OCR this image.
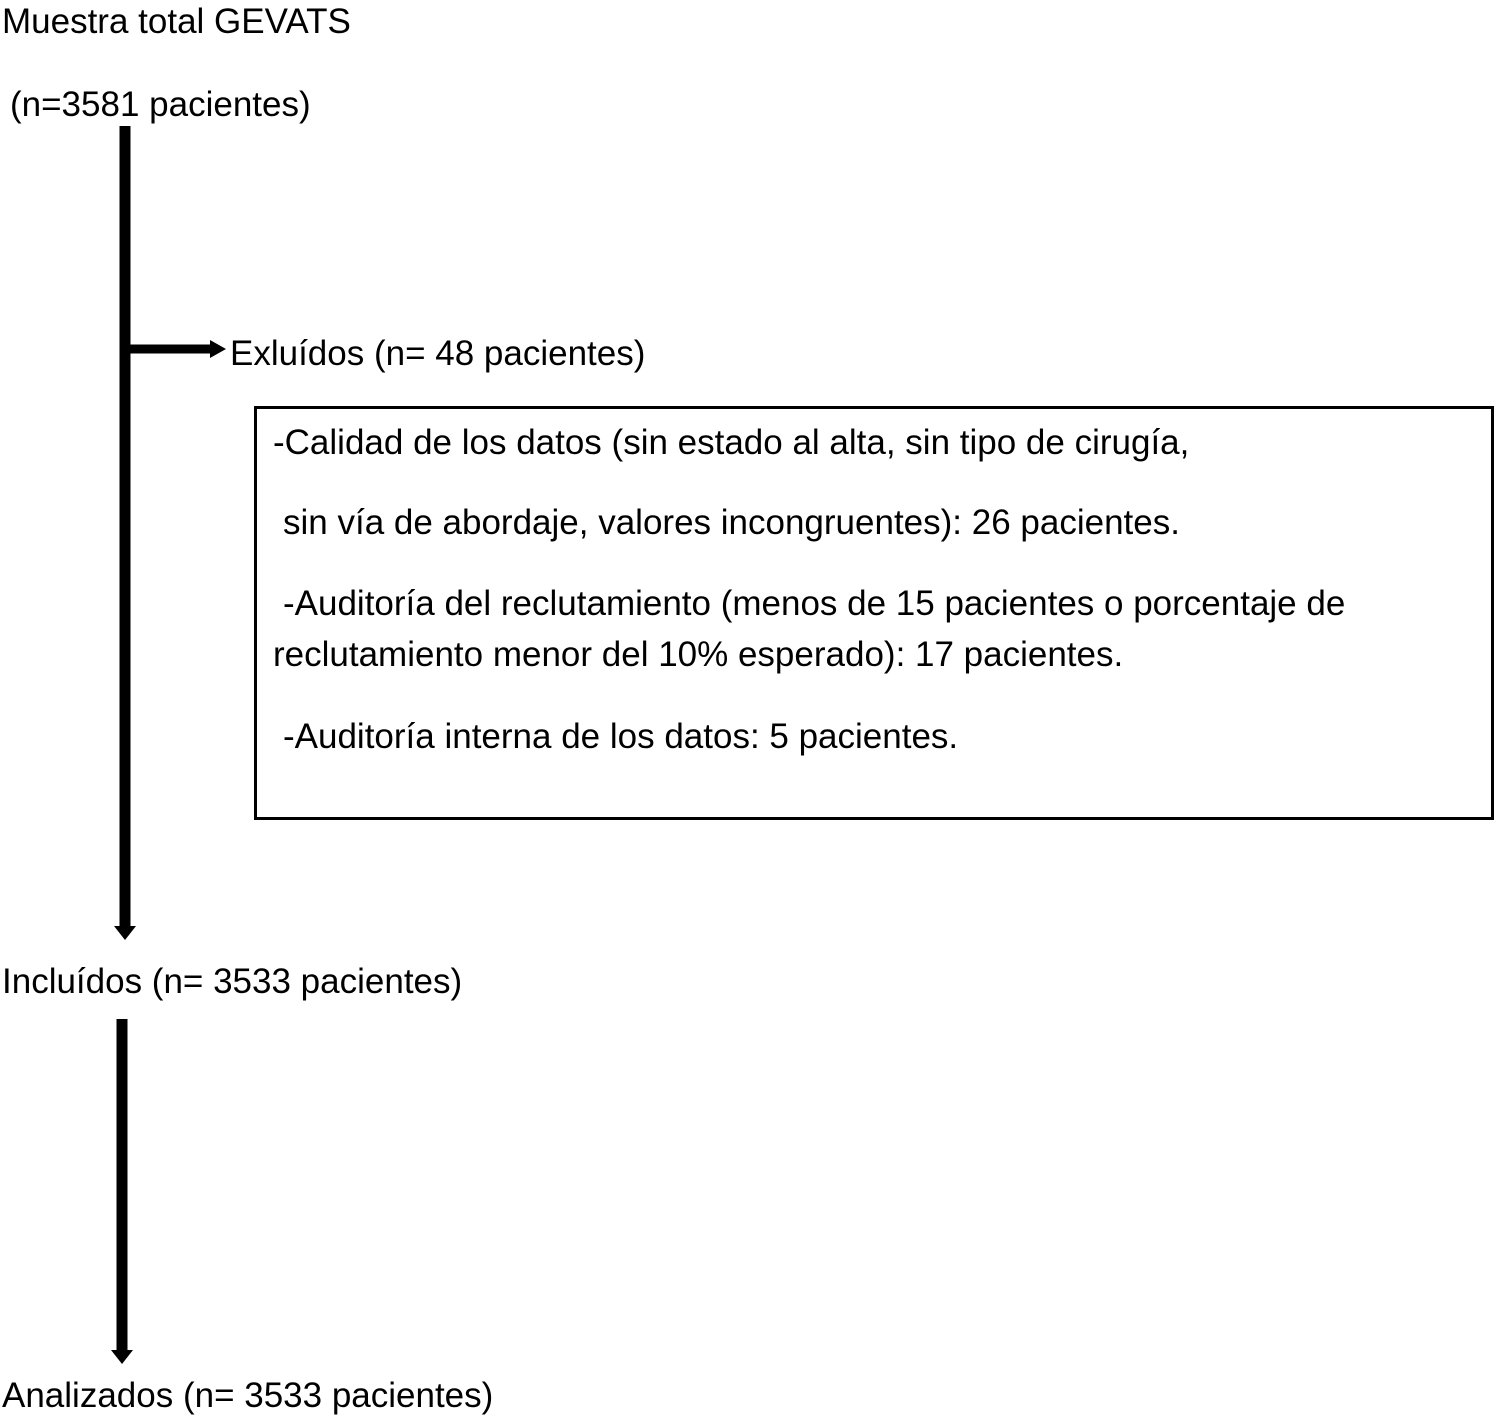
Muestra total GEVATS

(n=3581 pacientes)

Exluídos (n= 48 pacientes)

-Calidad de los datos (sin estado al alta, sin tipo de cirugía,

sin vía de abordaje, valores incongruentes): 26 pacientes.

-Auditoría del reclutamiento (menos de 15 pacientes o porcentaje de

reclutamiento menor del 10% esperado): 17 pacientes.

-Auditoría interna de los datos: 5 pacientes.

Incluídos (n= 3533 pacientes)

Analizados (n= 3533 pacientes)
